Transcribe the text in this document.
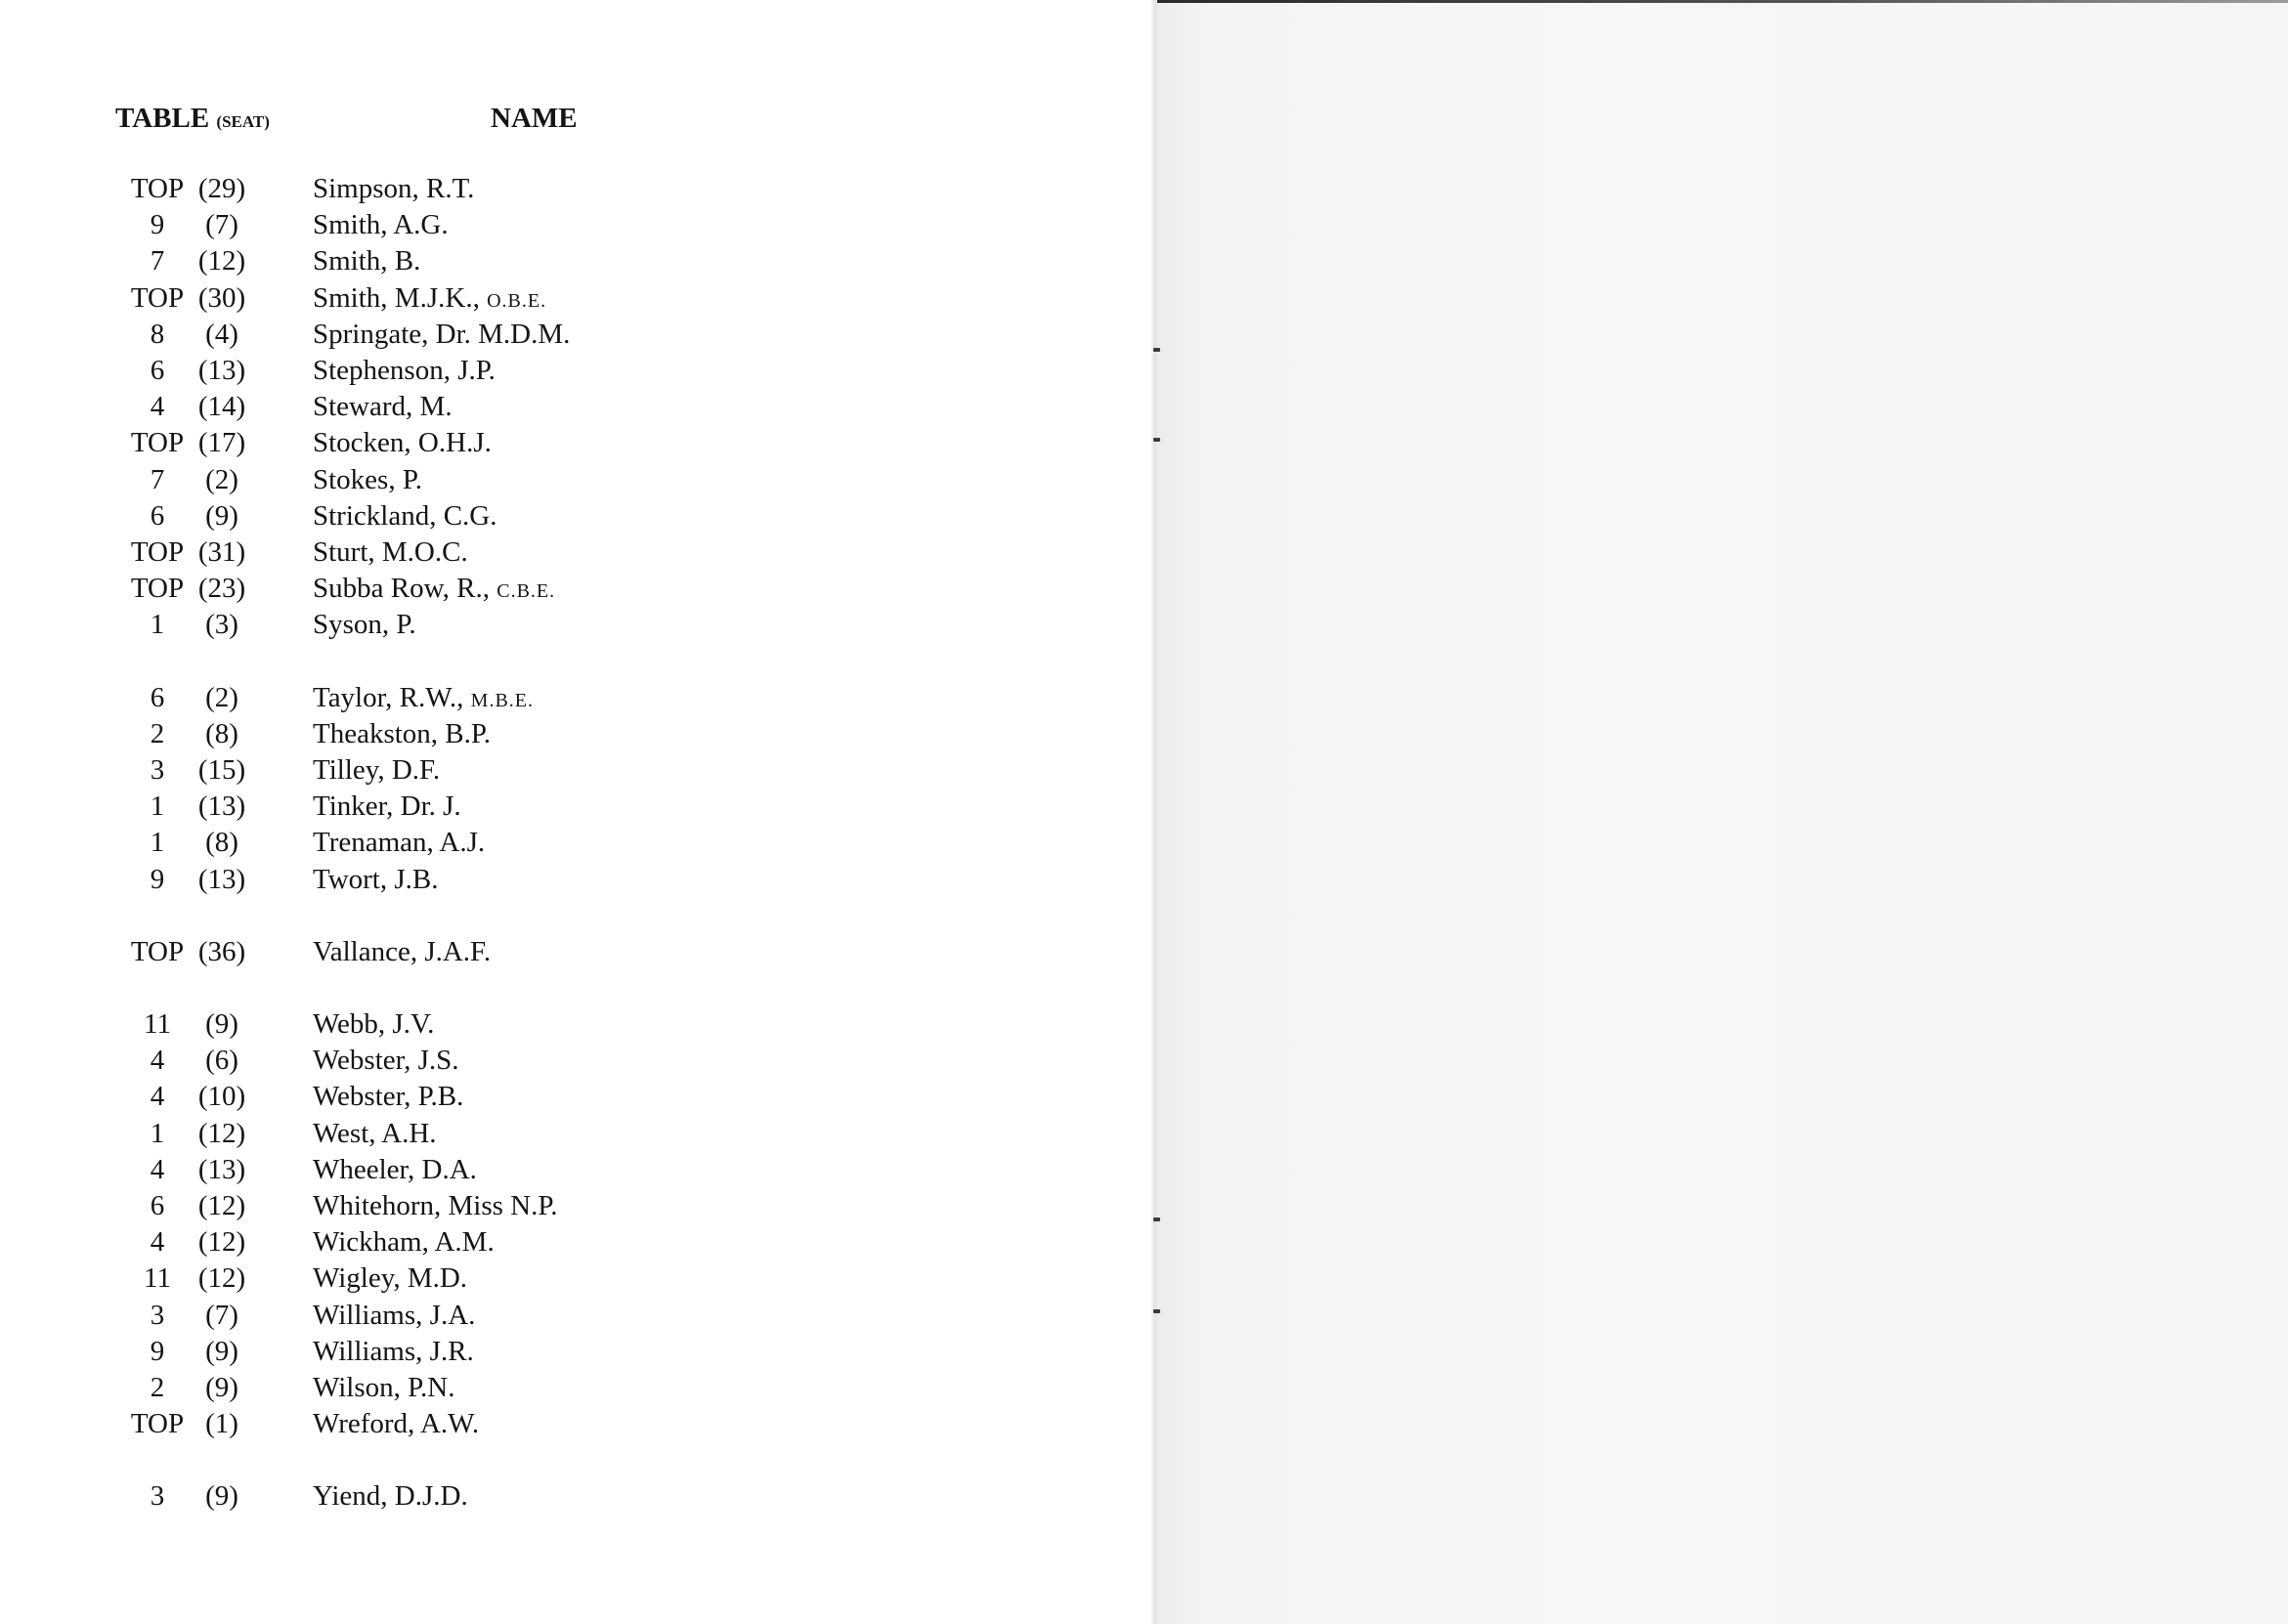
TABLE (SEAT)	NAME
TOP (29)	Simpson, R.T.
9	(7)	Smith, A.G.
7	(12)	Smith, B.
TOP (30)	Smith, M.J.K., O.B.E.
8	(4)	Springate, Dr. M.D.M.
6	(13)	Stephenson, J.P.
4	(14)	Steward, M.
TOP (17)	Stocken, O.H.J.
7	(2)	Stokes, P.
6	(9)	Strickland, C.G.
TOP (31)	Sturt, M.O.C.
TOP (23)	Subba Row, R., C.B.E.
1	(3)	Syson, P.
6	(2)	Taylor, R.W., M.B.E.
2	(8)	Theakston, B.P.
3	(15)	Tilley, D.F.
1	(13)	Tinker, Dr. J.
1	(8)	Trenaman, A.J.
9	(13)	Twort, J.B.
TOP (36)	Vallance, J.A.F.
11	(9)	Webb, J.V.
4	(6)	Webster, J.S.
4	(10)	Webster, P.B.
1	(12)	West, A.H.
4	(13)	Wheeler, D.A.
6	(12)	Whitehorn, Miss N.P.
4	(12)	Wickham, A.M.
11 (12)	Wigley, M.D.
3	(7)	Williams, J.A.
9	(9)	Williams, J.R.
2	(9)	Wilson, P.N.
TOP (1)	Wreford, A.W.
3	(9)	Yiend, D.J.D.
